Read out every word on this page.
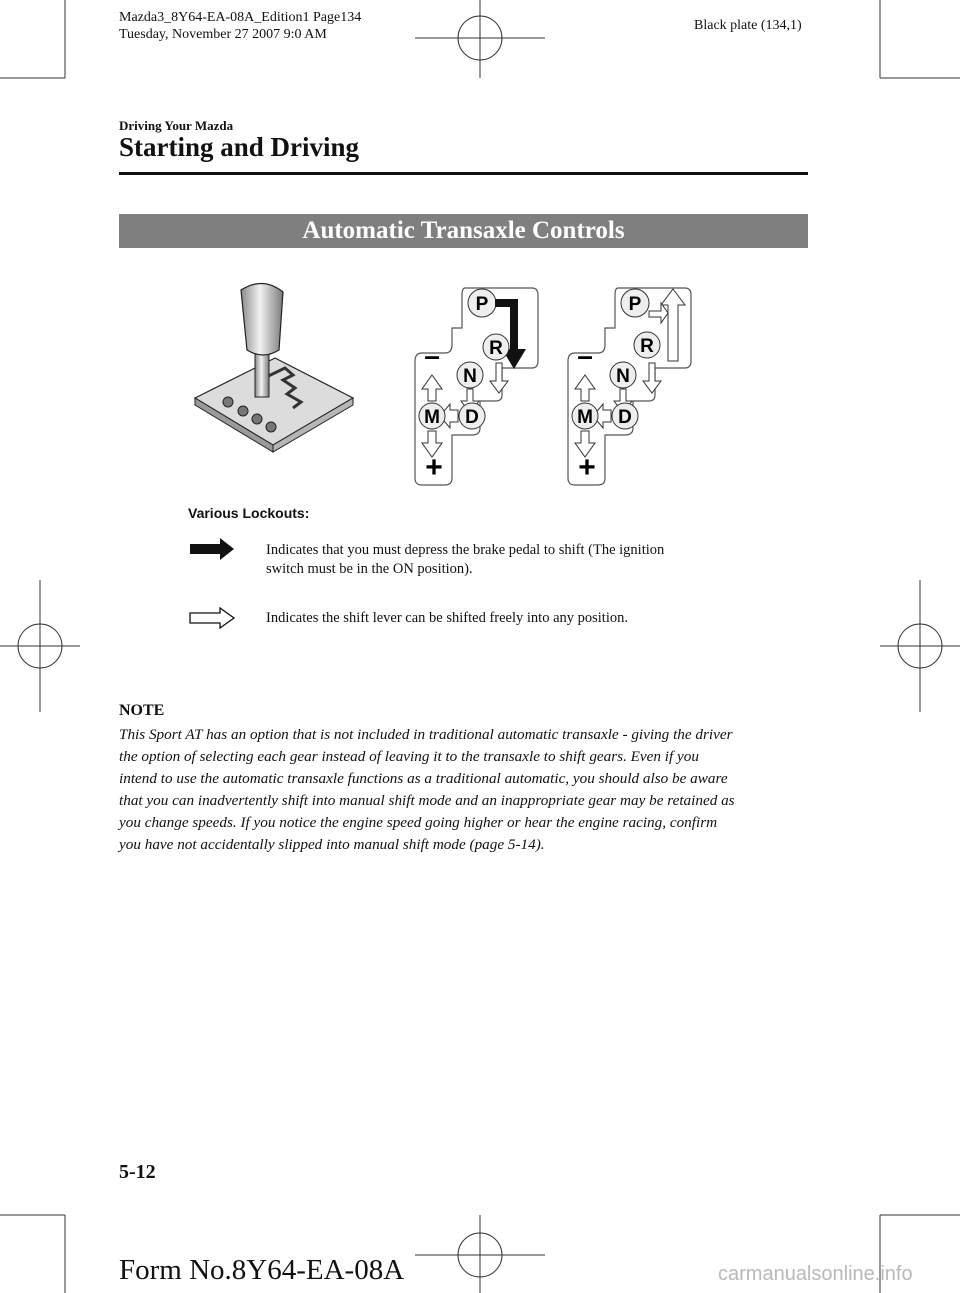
Mazda3_8Y64-EA-08A_Edition1 Page134
Tuesday, November 27 2007 9:0 AM
Black plate (134,1)
Driving Your Mazda
Starting and Driving
Automatic Transaxle Controls
P
R
N
D
M
–
+
P
R
N
D
M
–
+
Various Lockouts:
Indicates that you must depress the brake pedal to shift (The ignition
switch must be in the ON position).
Indicates the shift lever can be shifted freely into any position.
NOTE
This Sport AT has an option that is not included in traditional automatic transaxle - giving the driver
the option of selecting each gear instead of leaving it to the transaxle to shift gears. Even if you
intend to use the automatic transaxle functions as a traditional automatic, you should also be aware
that you can inadvertently shift into manual shift mode and an inappropriate gear may be retained as
you change speeds. If you notice the engine speed going higher or hear the engine racing, confirm
you have not accidentally slipped into manual shift mode (page 5-14).
5-12
Form No.8Y64-EA-08A	carmanualsonline.info
